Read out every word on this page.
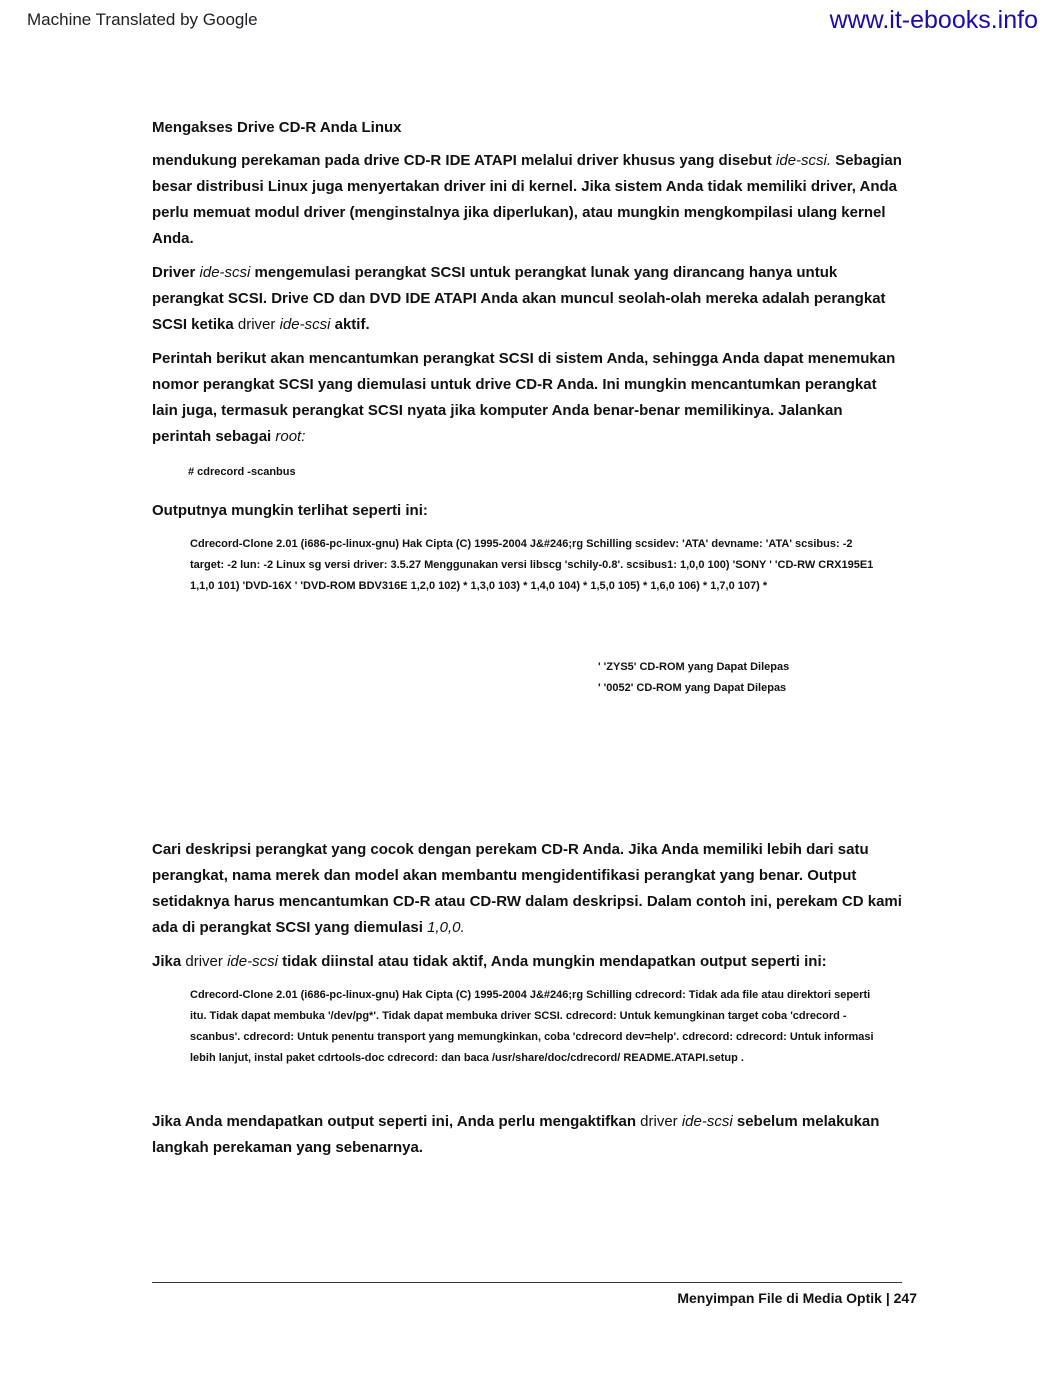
Machine Translated by Google	www.it-ebooks.info
Mengakses Drive CD-R Anda Linux

mendukung perekaman pada drive CD-R IDE ATAPI melalui driver khusus yang disebut ide-scsi. Sebagian besar distribusi Linux juga menyertakan driver ini di kernel. Jika sistem Anda tidak memiliki driver, Anda perlu memuat modul driver (menginstalnya jika diperlukan), atau mungkin mengkompilasi ulang kernel Anda.

Driver ide-scsi mengemulasi perangkat SCSI untuk perangkat lunak yang dirancang hanya untuk perangkat SCSI. Drive CD dan DVD IDE ATAPI Anda akan muncul seolah-olah mereka adalah perangkat SCSI ketika driver ide-scsi aktif.

Perintah berikut akan mencantumkan perangkat SCSI di sistem Anda, sehingga Anda dapat menemukan nomor perangkat SCSI yang diemulasi untuk drive CD-R Anda. Ini mungkin mencantumkan perangkat lain juga, termasuk perangkat SCSI nyata jika komputer Anda benar-benar memilikinya. Jalankan perintah sebagai root:

# cdrecord -scanbus

Outputnya mungkin terlihat seperti ini:

Cdrecord-Clone 2.01 (i686-pc-linux-gnu) Hak Cipta (C) 1995-2004 J&#246;rg Schilling scsidev: 'ATA' devname: 'ATA' scsibus: -2 target: -2 lun: -2 Linux sg versi driver: 3.5.27 Menggunakan versi libscg 'schily-0.8'. scsibus1: 1,0,0 100) 'SONY ' 'CD-RW CRX195E1 1,1,0 101) 'DVD-16X ' 'DVD-ROM BDV316E 1,2,0 102) * 1,3,0 103) * 1,4,0 104) * 1,5,0 105) * 1,6,0 106) * 1,7,0 107) *
' 'ZYS5' CD-ROM yang Dapat Dilepas
' '0052' CD-ROM yang Dapat Dilepas

Cari deskripsi perangkat yang cocok dengan perekam CD-R Anda. Jika Anda memiliki lebih dari satu perangkat, nama merek dan model akan membantu mengidentifikasi perangkat yang benar. Output setidaknya harus mencantumkan CD-R atau CD-RW dalam deskripsi. Dalam contoh ini, perekam CD kami ada di perangkat SCSI yang diemulasi 1,0,0.

Jika driver ide-scsi tidak diinstal atau tidak aktif, Anda mungkin mendapatkan output seperti ini:

Cdrecord-Clone 2.01 (i686-pc-linux-gnu) Hak Cipta (C) 1995-2004 J&#246;rg Schilling cdrecord: Tidak ada file atau direktori seperti itu. Tidak dapat membuka '/dev/pg*'. Tidak dapat membuka driver SCSI. cdrecord: Untuk kemungkinan target coba 'cdrecord -scanbus'. cdrecord: Untuk penentu transport yang memungkinkan, coba 'cdrecord dev=help'. cdrecord: cdrecord: Untuk informasi lebih lanjut, instal paket cdrtools-doc cdrecord: dan baca /usr/share/doc/cdrecord/ README.ATAPI.setup .

Jika Anda mendapatkan output seperti ini, Anda perlu mengaktifkan driver ide-scsi sebelum melakukan langkah perekaman yang sebenarnya.

Menyimpan File di Media Optik | 247
